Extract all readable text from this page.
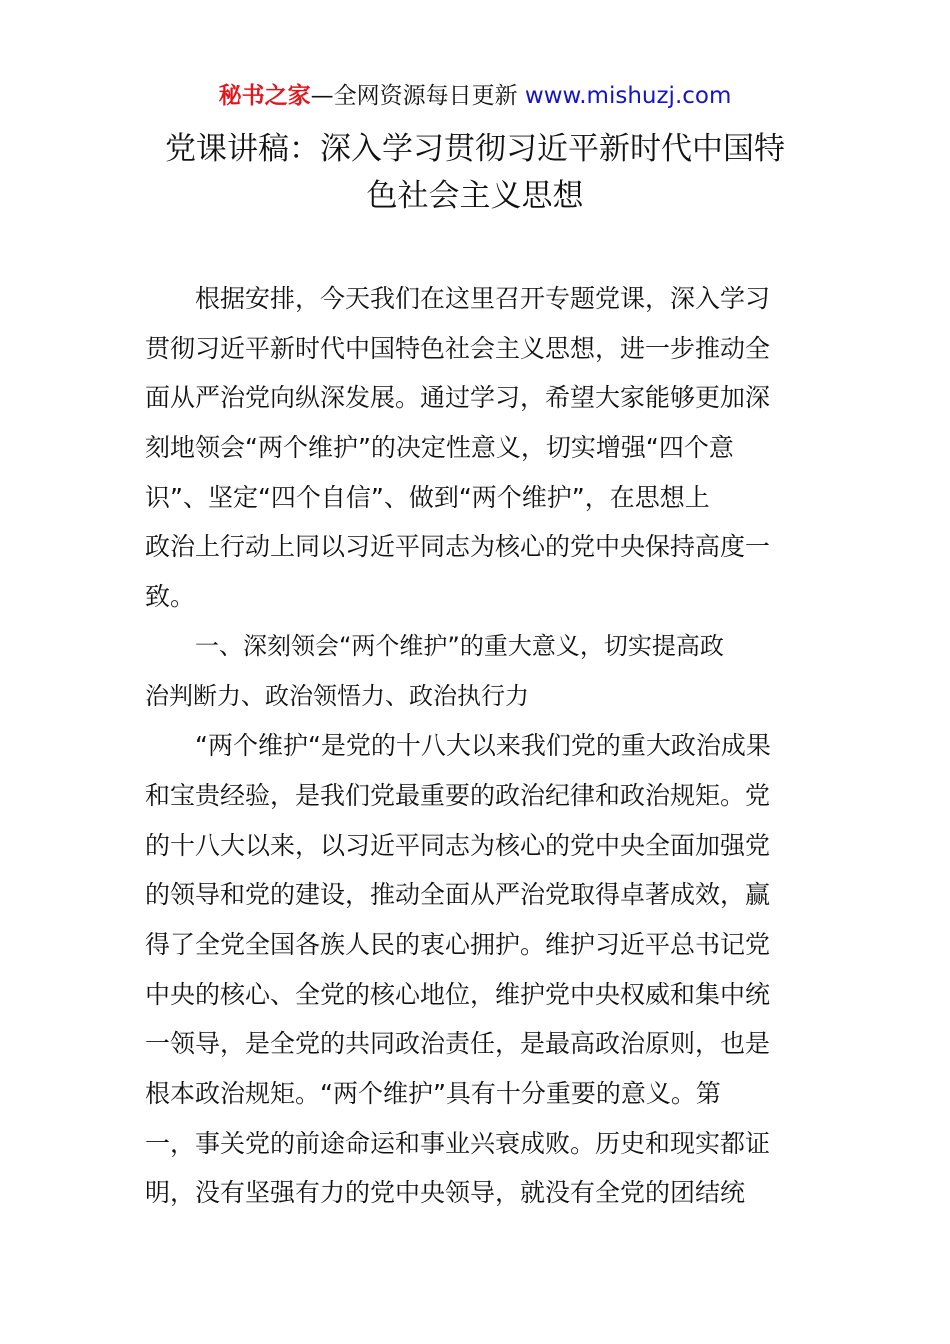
秘书之家—全网资源每日更新 www.mishuzj.com
党课讲稿：深入学习贯彻习近平新时代中国特
色社会主义思想
根据安排，今天我们在这里召开专题党课，深入学习
贯彻习近平新时代中国特色社会主义思想，进一步推动全
面从严治党向纵深发展。通过学习，希望大家能够更加深
刻地领会“两个维护”的决定性意义，切实增强“四个意
识”、坚定“四个自信”、做到“两个维护”，在思想上
政治上行动上同以习近平同志为核心的党中央保持高度一
致。
一、深刻领会“两个维护”的重大意义，切实提高政
治判断力、政治领悟力、政治执行力
“两个维护“是党的十八大以来我们党的重大政治成果
和宝贵经验，是我们党最重要的政治纪律和政治规矩。党
的十八大以来，以习近平同志为核心的党中央全面加强党
的领导和党的建设，推动全面从严治党取得卓著成效，赢
得了全党全国各族人民的衷心拥护。维护习近平总书记党
中央的核心、全党的核心地位，维护党中央权威和集中统
一领导，是全党的共同政治责任，是最高政治原则，也是
根本政治规矩。“两个维护”具有十分重要的意义。第
一，事关党的前途命运和事业兴衰成败。历史和现实都证
明，没有坚强有力的党中央领导，就没有全党的团结统
